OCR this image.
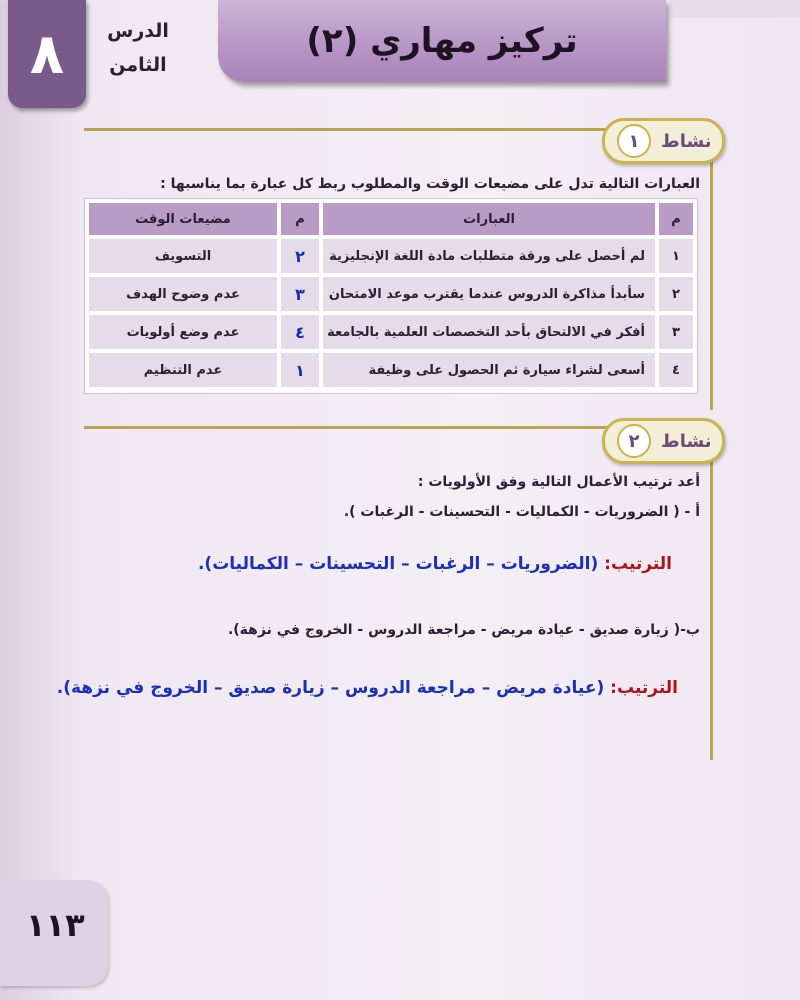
٨	الدرس
الثامن
تركيز مهاري (٢)
نشاط
١
العبارات التالية تدل على مضيعات الوقت والمطلوب ربط كل عبارة بما يناسبها :
م
العبارات
م
مضيعات الوقت
١
لم أحصل على ورقة متطلبات مادة اللغة الإنجليزية
٢
التسويف
٢
سأبدأ مذاكرة الدروس عندما يقترب موعد الامتحان
٣
عدم وضوح الهدف
٣
أفكر في الالتحاق بأحد التخصصات العلمية بالجامعة
٤
عدم وضع أولويات
٤
أسعى لشراء سيارة ثم الحصول على وظيفة
١
عدم التنظيم
نشاط
٢
أعد ترتيب الأعمال التالية وفق الأولويات :
أ - ( الضروريات - الكماليات - التحسينات - الرغبات ).
الترتيب: (الضروريات – الرغبات – التحسينات – الكماليات).
ب-( زيارة صديق - عيادة مريض - مراجعة الدروس - الخروج في نزهة).
الترتيب: (عيادة مريض – مراجعة الدروس – زيارة صديق – الخروج في نزهة).
١١٣
